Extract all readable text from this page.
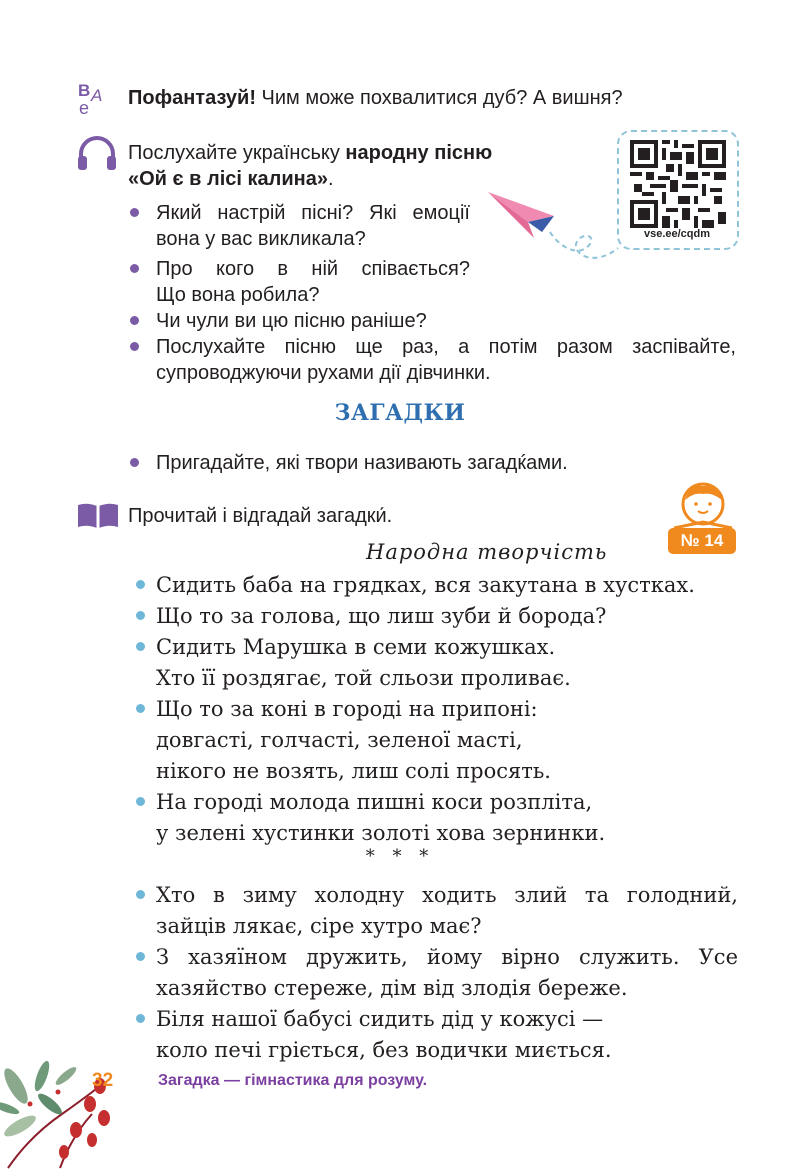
В А
е Пофантазуй! Чим може похвалитися дуб? А вишня?
Послухайте українську народну пісню
«Ой є в лісі калина».
Який настрій пісні? Які емоції
вона у вас викликала?
Про кого в ній співається?
Що вона робила?
Чи чули ви цю пісню раніше?
Послухайте пісню ще раз, а потім разом заспівайте,
супроводжуючи рухами дії дівчинки.
vse.ee/cqdm
ЗАГАДКИ
Пригадайте, які твори називають загадќами.
Прочитай і відгадай загадки́.
№ 14
Народна творчість
Сидить баба на грядках, вся закутана в хустках.
Що то за голова, що лиш зуби й борода?
Сидить Марушка в семи кожушках.
Хто її роздягає, той сльози проливає.
Що то за коні в городі на припоні:
довгасті, голчасті, зеленої масті,
нікого не возять, лиш солі просять.
На городі молода пишні коси розпліта,
у зелені хустинки золоті хова зернинки.
* * *
Хто в зиму холодну ходить злий та голодний,
зайців лякає, сіре хутро має?
З хазяїном дружить, йому вірно служить. Усе
хазяйство стереже, дім від злодія береже.
Біля нашої бабусі сидить дід у кожусі —
коло печі гріється, без водички миється.
32	Загадка — гімнастика для розуму.
